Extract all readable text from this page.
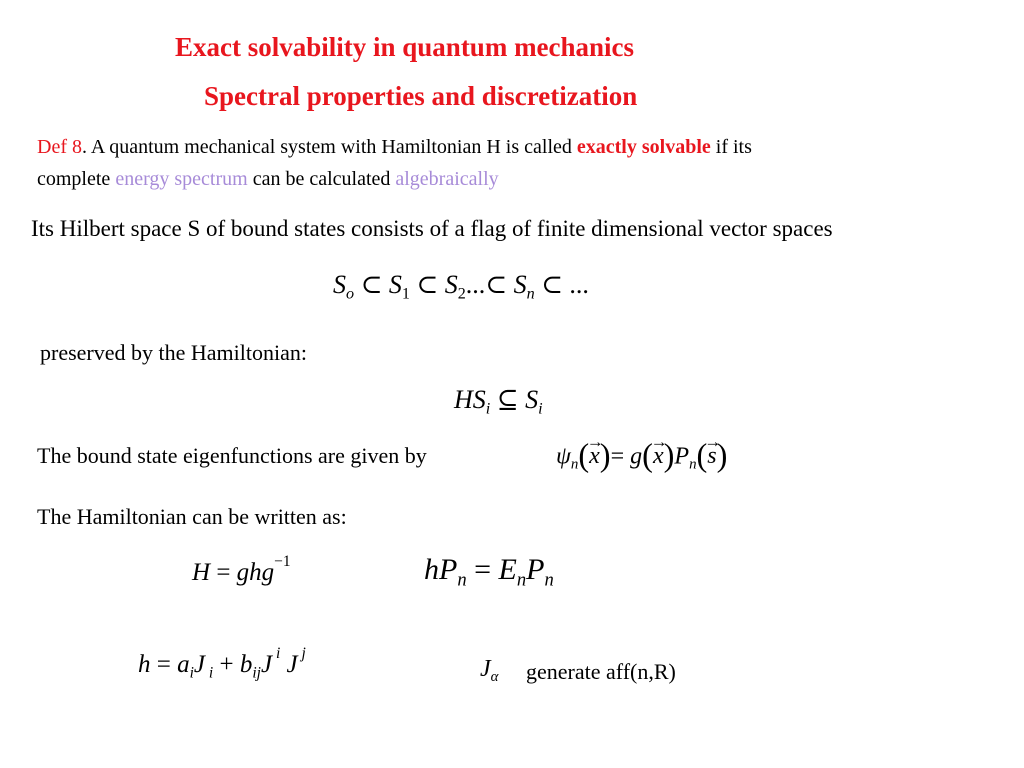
Exact solvability in quantum mechanics
Spectral properties and discretization
Def 8. A quantum mechanical system with Hamiltonian H is called exactly solvable if its
complete energy spectrum can be calculated algebraically
Its Hilbert space S of bound states consists of a flag of finite dimensional vector spaces
$S_o$ ⊂ $S_1$ ⊂ $S_2...\subset$ $S_n$ ⊂ ...
preserved by the Hamiltonian:
$HS_i$ ⊆ $S_i$
The bound state eigenfunctions are given by	$\psi_n(\to x)= g(\to x)P_n(\to s)$
The Hamiltonian can be written as:
H = ghg$^{-1}$	$hP_n = E_nP_n$
$h = a_iJ$ $_i + b_{ij}J$ $^i$ J $^j$
$J_\alpha$ generate aff(n,R)
